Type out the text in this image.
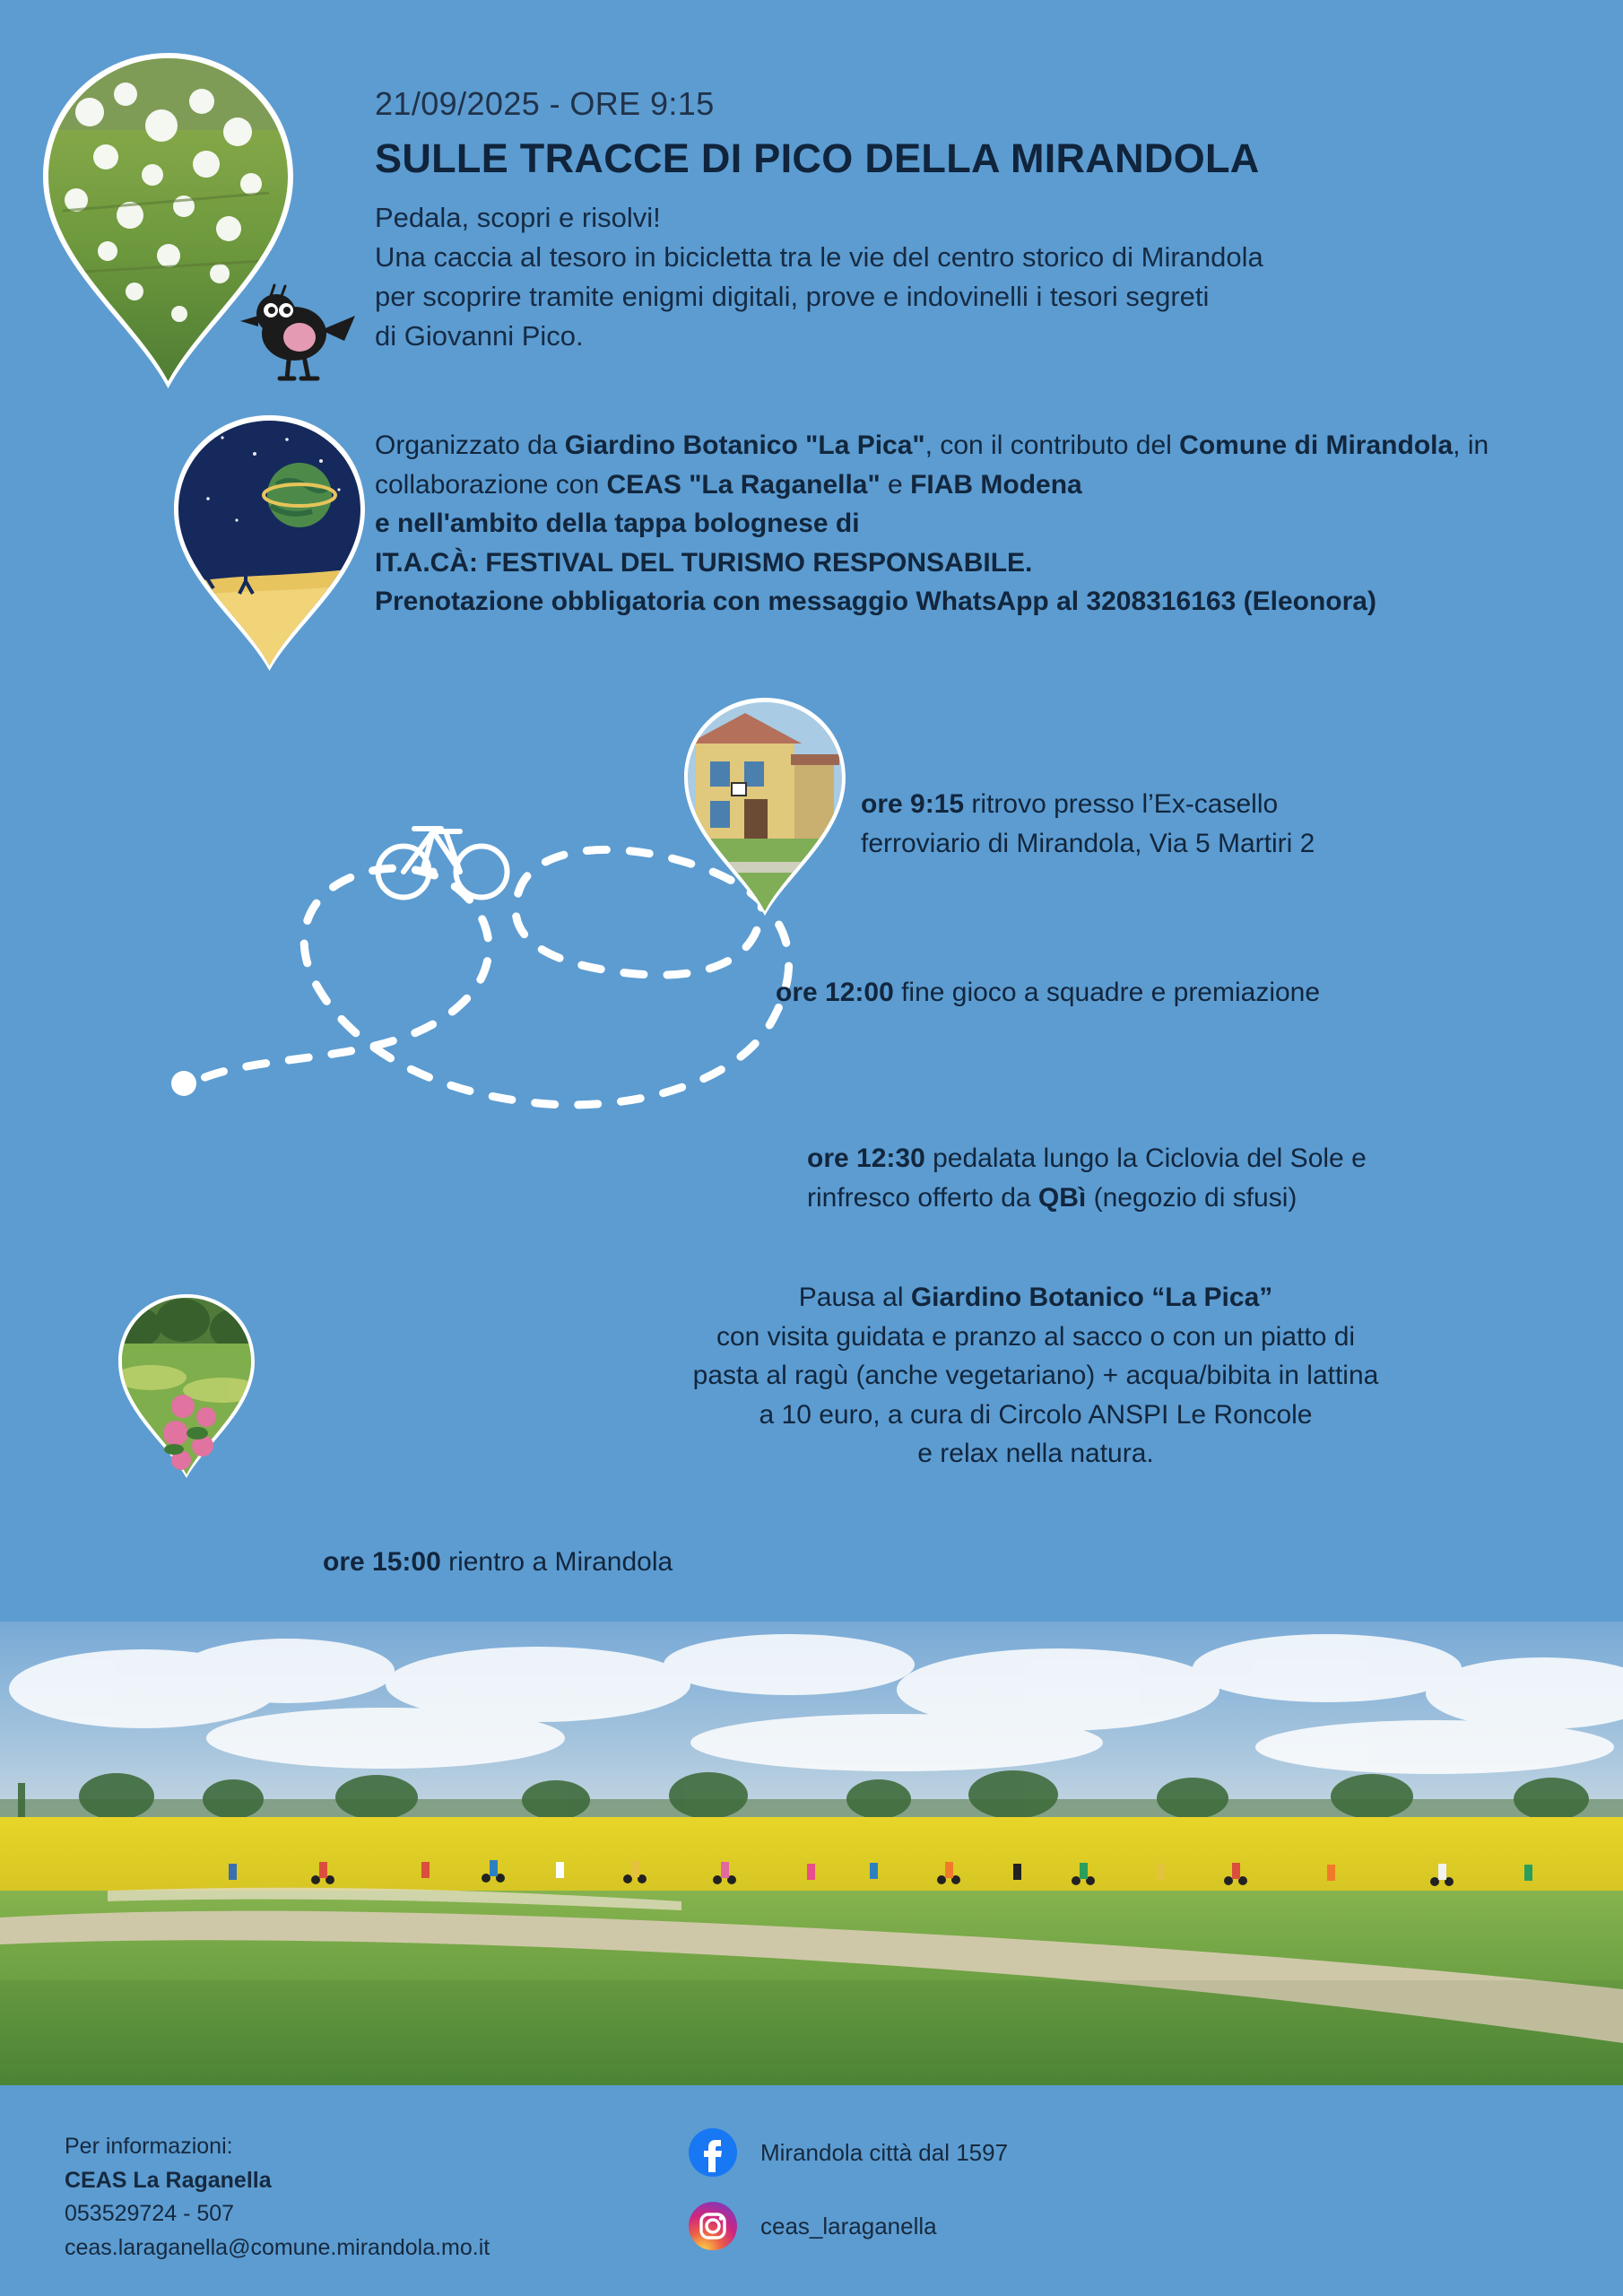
21/09/2025 - ORE 9:15
SULLE TRACCE DI PICO DELLA MIRANDOLA
Pedala, scopri e risolvi!
Una caccia al tesoro in bicicletta tra le vie del centro storico di Mirandola
per scoprire tramite enigmi digitali, prove e indovinelli i tesori segreti
di Giovanni Pico.
Organizzato da Giardino Botanico "La Pica", con il contributo del Comune di Mirandola, in collaborazione con CEAS "La Raganella" e FIAB Modena
e nell'ambito della tappa bolognese di
IT.A.CÀ: FESTIVAL DEL TURISMO RESPONSABILE.
Prenotazione obbligatoria con messaggio WhatsApp al 3208316163 (Eleonora)
ore 9:15 ritrovo presso l’Ex-casello
ferroviario di Mirandola, Via 5 Martiri 2
ore 12:00 fine gioco a squadre e premiazione
ore 12:30 pedalata lungo la Ciclovia del Sole e
rinfresco offerto da QBì (negozio di sfusi)
Pausa al Giardino Botanico “La Pica”
con visita guidata e pranzo al sacco o con un piatto di
pasta al ragù (anche vegetariano) + acqua/bibita in lattina
a 10 euro, a cura di Circolo ANSPI Le Roncole
e relax nella natura.
ore 15:00 rientro a Mirandola
Per informazioni:
CEAS La Raganella
053529724 - 507
ceas.laraganella@comune.mirandola.mo.it
Mirandola città dal 1597
ceas_laraganella
